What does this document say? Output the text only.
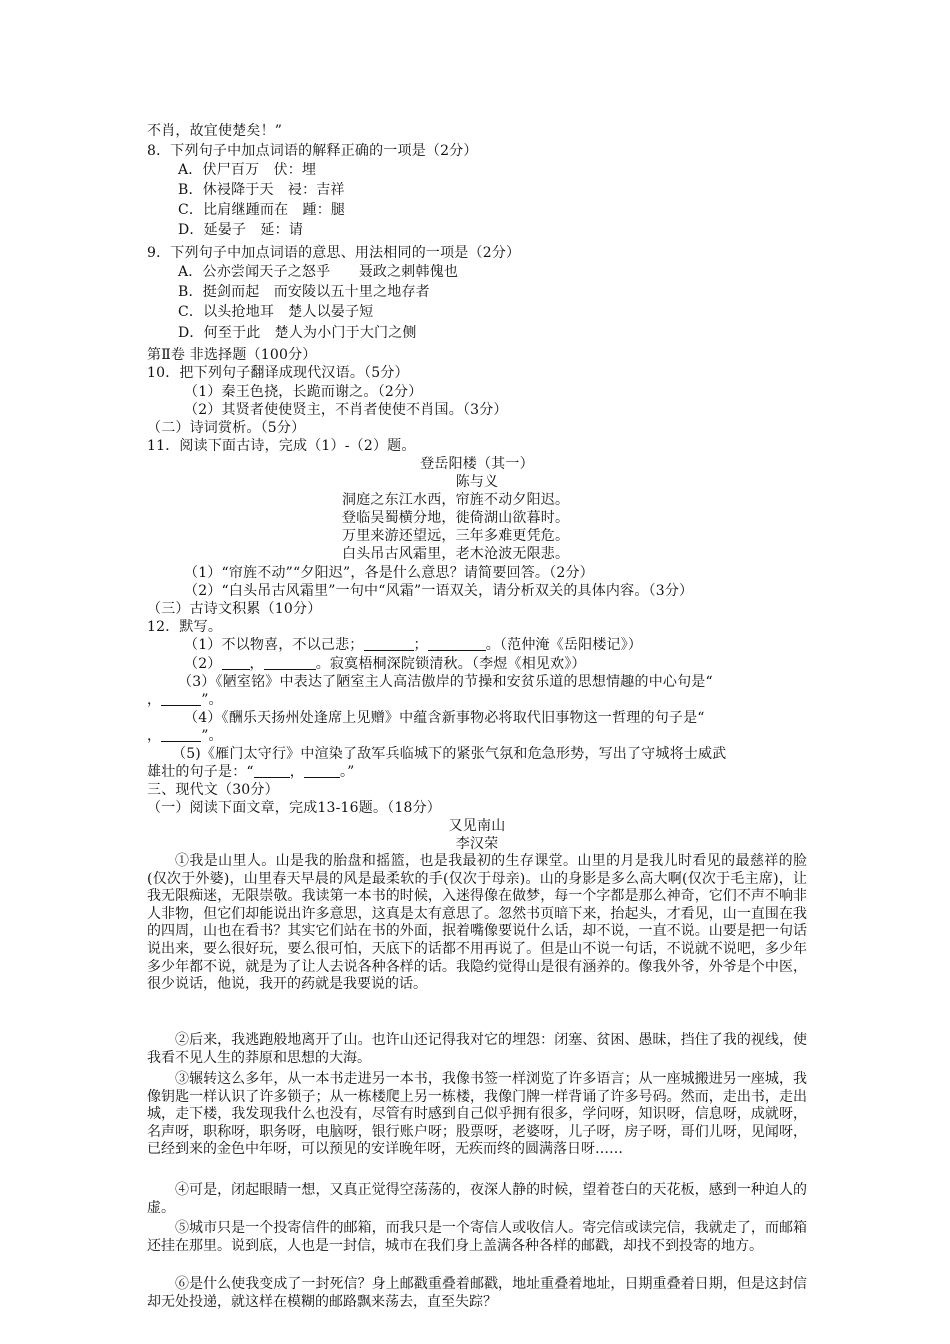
不肖，故宜使楚矣！”
8．下列句子中加点词语的解释正确的一项是（2分）
A．伏尸百万　伏：埋
B．休祲降于天　祲：吉祥
C．比肩继踵而在　踵：腿
D．延晏子　延：请
9．下列句子中加点词语的意思、用法相同的一项是（2分）
A．公亦尝闻天子之怒乎　　聂政之刺韩傀也
B．挺剑而起　而安陵以五十里之地存者
C．以头抢地耳　楚人以晏子短
D．何至于此　楚人为小门于大门之侧
第Ⅱ卷 非选择题（100分）
10．把下列句子翻译成现代汉语。（5分）
（1）秦王色挠，长跪而谢之。（2分）
（2）其贤者使使贤主，不肖者使使不肖国。（3分）
（二）诗词赏析。（5分）
11．阅读下面古诗，完成（1）-（2）题。
登岳阳楼（其一）
陈与义
洞庭之东江水西，帘旌不动夕阳迟。
登临吴蜀横分地，徙倚湖山欲暮时。
万里来游还望远，三年多难更凭危。
白头吊古风霜里，老木沧波无限悲。
（1）“帘旌不动”“夕阳迟”，各是什么意思？请简要回答。（2分）
（2）“白头吊古风霜里”一句中“风霜”一语双关，请分析双关的具体内容。（3分）
（三）古诗文积累（10分）
12．默写。
（1）不以物喜，不以己悲；	；	。（范仲淹《岳阳楼记》）
（2） ，	。寂寞梧桐深院锁清秋。（李煜《相见欢》）
（3）《陋室铭》中表达了陋室主人高洁傲岸的节操和安贫乐道的思想情趣的中心句是“
，	”。
（4）《酬乐天扬州处逢席上见赠》中蕴含新事物必将取代旧事物这一哲理的句子是“
，	”。
（5)《雁门太守行》中渲染了敌军兵临城下的紧张气氛和危急形势，写出了守城将士威武
雄壮的句子是：“	，	。”
三、现代文（30分）
（一）阅读下面文章，完成13-16题。（18分）
又见南山
李汉荣
①我是山里人。山是我的胎盘和摇篮，也是我最初的生存课堂。山里的月是我儿时看见的最慈祥的脸(仅次于外婆)，山里春天早晨的风是最柔软的手(仅次于母亲)。山的身影是多么高大啊(仅次于毛主席)，让我无限痴迷，无限崇敬。我读第一本书的时候，入迷得像在做梦，每一个字都是那么神奇，它们不声不响非人非物，但它们却能说出许多意思，这真是太有意思了。忽然书页暗下来，抬起头，才看见，山一直围在我的四周，山也在看书？其实它们站在书的外面，抿着嘴像要说什么话，却不说，一直不说。山要是把一句话说出来，要么很好玩，要么很可怕，天底下的话都不用再说了。但是山不说一句话，不说就不说吧，多少年多少年都不说，就是为了让人去说各种各样的话。我隐约觉得山是很有涵养的。像我外爷，外爷是个中医，很少说话，他说，我开的药就是我要说的话。
②后来，我逃跑般地离开了山。也许山还记得我对它的埋怨：闭塞、贫困、愚昧，挡住了我的视线，使我看不见人生的莽原和思想的大海。
③辗转这么多年，从一本书走进另一本书，我像书签一样浏览了许多语言；从一座城搬进另一座城，我像钥匙一样认识了许多锁子；从一栋楼爬上另一栋楼，我像门牌一样背诵了许多号码。然而，走出书，走出城，走下楼，我发现我什么也没有，尽管有时感到自己似乎拥有很多，学问呀，知识呀，信息呀，成就呀，名声呀，职称呀，职务呀，电脑呀，银行账户呀；股票呀，老婆呀，儿子呀，房子呀，哥们儿呀，见闻呀，已经到来的金色中年呀，可以预见的安详晚年呀，无疾而终的圆满落日呀……
④可是，闭起眼睛一想，又真正觉得空荡荡的，夜深人静的时候，望着苍白的天花板，感到一种迫人的虚。
⑤城市只是一个投寄信件的邮箱，而我只是一个寄信人或收信人。寄完信或读完信，我就走了，而邮箱还挂在那里。说到底，人也是一封信，城市在我们身上盖满各种各样的邮戳，却找不到投寄的地方。
⑥是什么使我变成了一封死信？身上邮戳重叠着邮戳，地址重叠着地址，日期重叠着日期，但是这封信却无处投递，就这样在模糊的邮路飘来荡去，直至失踪？
